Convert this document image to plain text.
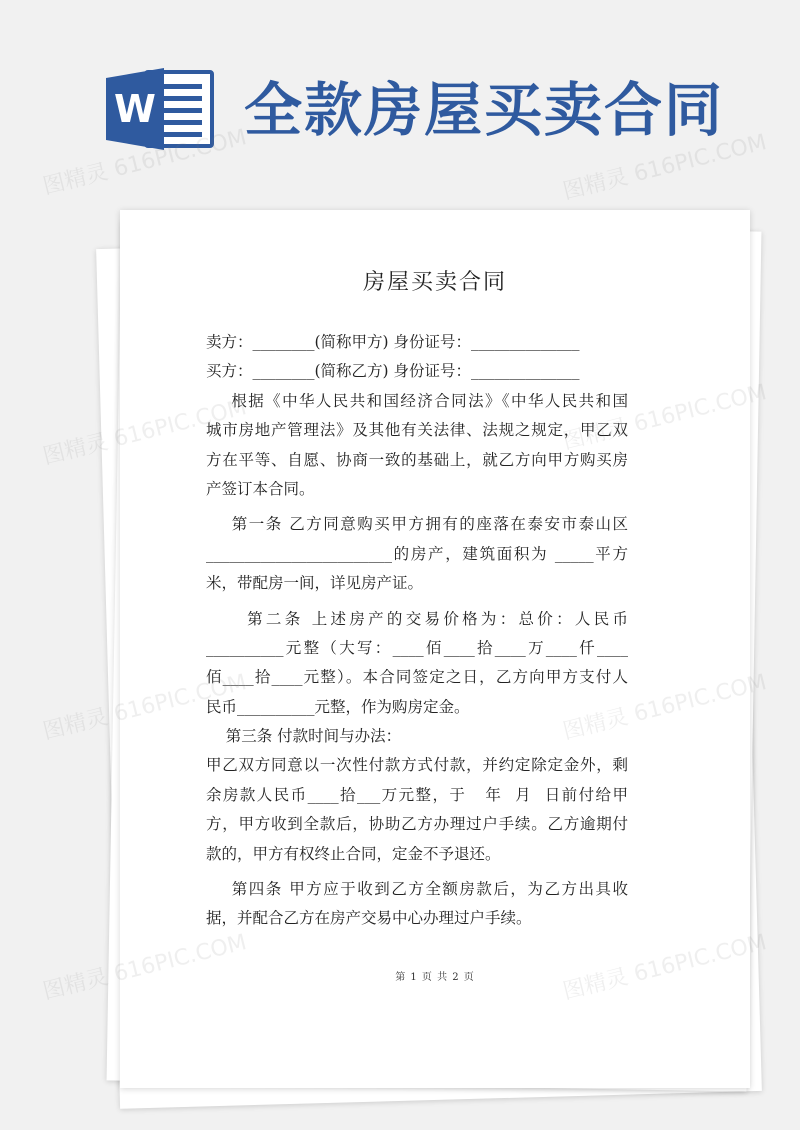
W 全款房屋买卖合同
房屋买卖合同
卖方：________(简称甲方) 身份证号：______________
买方：________(简称乙方) 身份证号：______________
根据《中华人民共和国经济合同法》《中华人民共和国
城市房地产管理法》及其他有关法律、法规之规定，甲乙双
方在平等、自愿、协商一致的基础上，就乙方向甲方购买房
产签订本合同。
第一条 乙方同意购买甲方拥有的座落在泰安市泰山区
________________________的房产，建筑面积为 _____平方
米，带配房一间，详见房产证。
第二条 上述房产的交易价格为：总价：人民币
__________元整（大写：____佰____拾____万____仟____
佰____拾____元整）。本合同签定之日，乙方向甲方支付人
民币__________元整，作为购房定金。
第三条 付款时间与办法：
甲乙双方同意以一次性付款方式付款，并约定除定金外，剩
余房款人民币____拾___万元整，于   年  月  日前付给甲
方，甲方收到全款后，协助乙方办理过户手续。乙方逾期付
款的，甲方有权终止合同，定金不予退还。
第四条 甲方应于收到乙方全额房款后，为乙方出具收
据，并配合乙方在房产交易中心办理过户手续。
第 1 页 共 2 页
图精灵 616PIC.COM	图精灵 616PIC.COM
图精灵
图精灵
图精灵
